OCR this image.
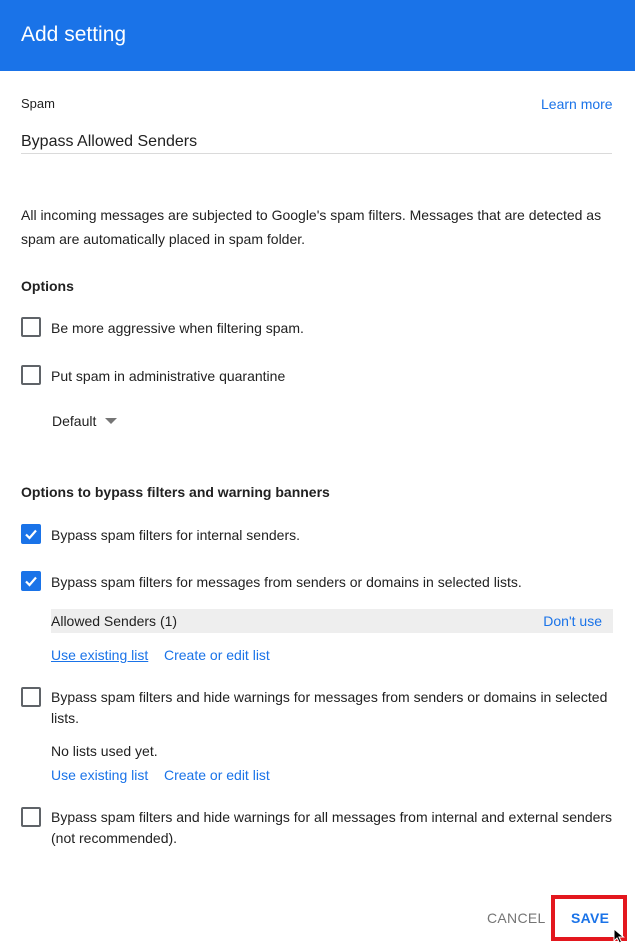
Add setting
Spam	Learn more
Bypass Allowed Senders
All incoming messages are subjected to Google's spam filters. Messages that are detected as spam are automatically placed in spam folder.
Options
Be more aggressive when filtering spam.
Put spam in administrative quarantine
Default
Options to bypass filters and warning banners
Bypass spam filters for internal senders.
Bypass spam filters for messages from senders or domains in selected lists.
Allowed Senders (1)	Don't use
Use existing list Create or edit list
Bypass spam filters and hide warnings for messages from senders or domains in selected lists.
No lists used yet.
Use existing list Create or edit list
Bypass spam filters and hide warnings for all messages from internal and external senders (not recommended).
CANCEL SAVE
